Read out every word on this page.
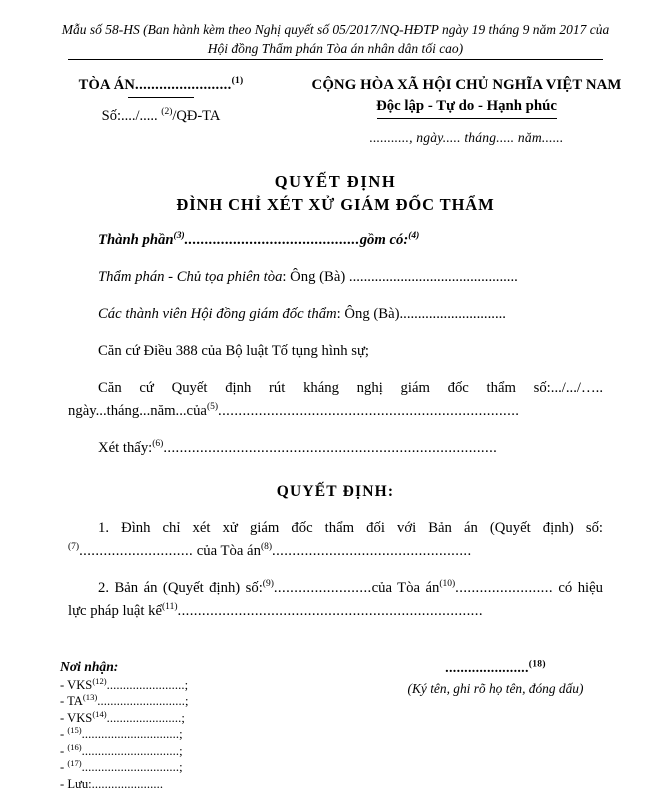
Mẫu số 58-HS (Ban hành kèm theo Nghị quyết số 05/2017/NQ-HĐTP ngày 19 tháng 9 năm 2017 của
Hội đồng Thẩm phán Tòa án nhân dân tối cao)
TÒA ÁN........................$^{(1)}$
Số:..../..... $^{(2)}$/QĐ-TA
CỘNG HÒA XÃ HỘI CHỦ NGHĨA VIỆT NAM
Độc lập - Tự do - Hạnh phúc
..........., ngày..... tháng..... năm......
QUYẾT ĐỊNH
ĐÌNH CHỈ XÉT XỬ GIÁM ĐỐC THẨM
Thành phần$^{(3)}$...........................................gồm có:$^{(4)}$
Thẩm phán - Chủ tọa phiên tòa: Ông (Bà) ..............................................
Các thành viên Hội đồng giám đốc thẩm: Ông (Bà).............................
Căn cứ Điều 388 của Bộ luật Tố tụng hình sự;
Căn cứ Quyết định rút kháng nghị giám đốc thẩm số:.../.../….. ngày...tháng...năm...của$^{(5)}$..........................................................................
Xét thấy:$^{(6)}$..................................................................................
QUYẾT ĐỊNH:
1. Đình chỉ xét xử giám đốc thẩm đối với Bản án (Quyết định) số:$^{(7)}$............................ của Tòa $án^{(8)}$.................................................
2. Bản án (Quyết định) số:$^{(9)}$........................của Tòa $án^{(10)}$........................ có hiệu lực pháp luật kể$^{(11)}$...........................................................................
Nơi nhận:
- VKS$^{(12)}$........................;
- TA$^{(13)}$...........................;
- VKS$^{(14)}$.......................;
- $^{(15)}$..............................;
- $^{(16)}$..............................;
- $^{(17)}$..............................;
- Lưu:......................
......................$^{(18)}$
(Ký tên, ghi rõ họ tên, đóng dấu)
